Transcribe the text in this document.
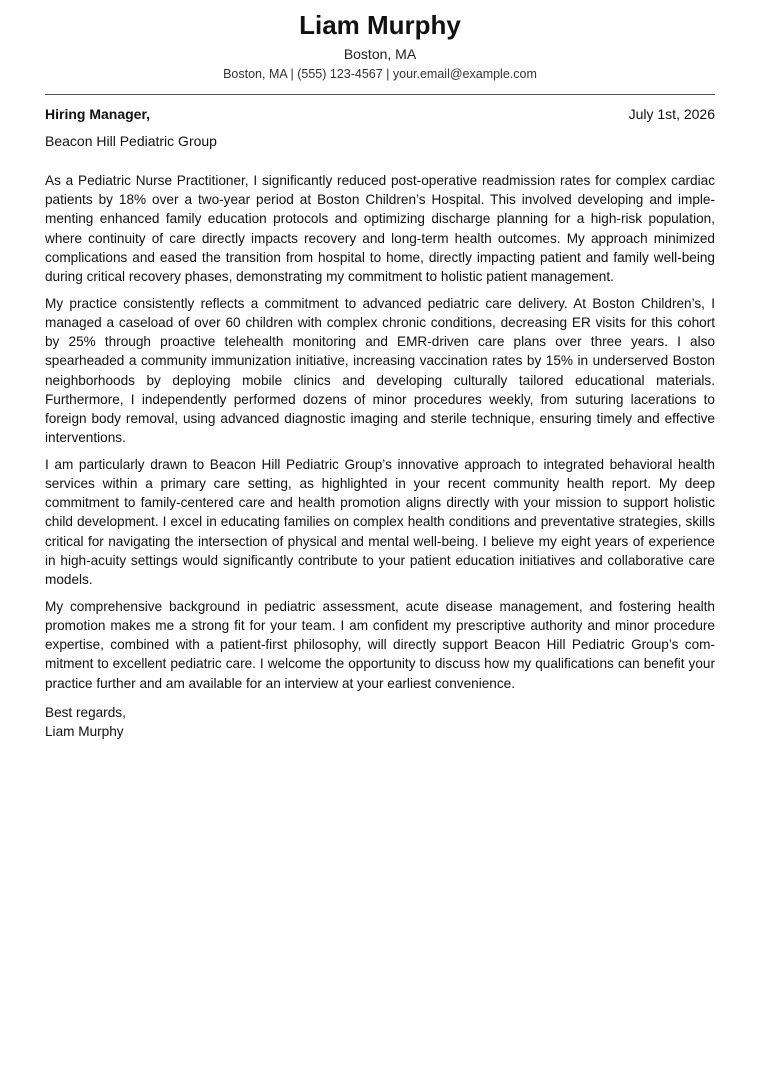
Liam Murphy
Boston, MA
Boston, MA | (555) 123-4567 | your.email@example.com
Hiring Manager,	July 1st, 2026
Beacon Hill Pediatric Group

As a Pediatric Nurse Practitioner, I significantly reduced post-operative readmission rates for complex cardiac patients by 18% over a two-year period at Boston Children’s Hospital. This involved developing and implementing enhanced family education protocols and optimizing discharge planning for a high-risk population, where continuity of care directly impacts recovery and long-term health outcomes. My approach minimized complications and eased the transition from hospital to home, directly impacting patient and family well-being during critical recovery phases, demonstrating my commitment to holistic patient management.

My practice consistently reflects a commitment to advanced pediatric care delivery. At Boston Children’s, I managed a caseload of over 60 children with complex chronic conditions, decreasing ER visits for this cohort by 25% through proactive telehealth monitoring and EMR-driven care plans over three years. I also spearheaded a community immunization initiative, increasing vaccination rates by 15% in underserved Boston neighborhoods by deploying mobile clinics and developing culturally tailored educational materials. Furthermore, I independently performed dozens of minor procedures weekly, from suturing lacerations to foreign body removal, using advanced diagnostic imaging and sterile technique, ensuring timely and effective interventions.

I am particularly drawn to Beacon Hill Pediatric Group’s innovative approach to integrated behavioral health services within a primary care setting, as highlighted in your recent community health report. My deep commitment to family-centered care and health promotion aligns directly with your mission to support holistic child development. I excel in educating families on complex health conditions and preventative strategies, skills critical for navigating the intersection of physical and mental well-being. I believe my eight years of experience in high-acuity settings would significantly contribute to your patient education initiatives and collaborative care models.

My comprehensive background in pediatric assessment, acute disease management, and fostering health promotion makes me a strong fit for your team. I am confident my prescriptive authority and minor procedure expertise, combined with a patient-first philosophy, will directly support Beacon Hill Pediatric Group’s commitment to excellent pediatric care. I welcome the opportunity to discuss how my qualifications can benefit your practice further and am available for an interview at your earliest convenience.

Best regards,
Liam Murphy
